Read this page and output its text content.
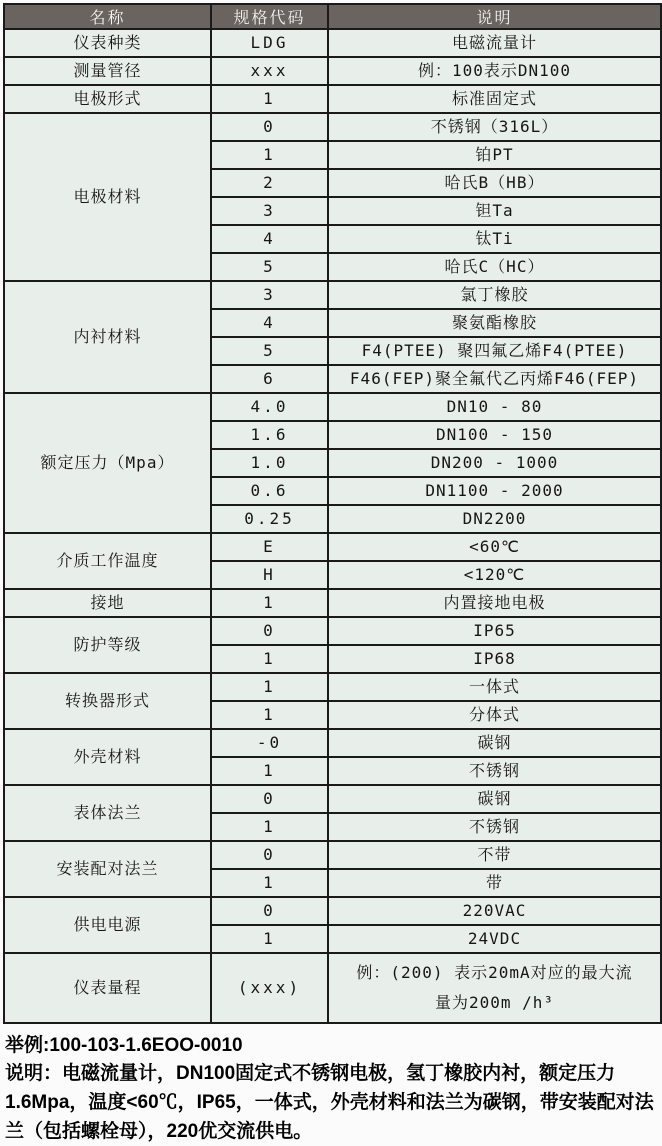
名称	规格代码	说明
仪表种类	LDG	电磁流量计
测量管径	xxx	例：100表示DN100
电极形式	1	标准固定式
电极材料	0	不锈钢（316L）
	1	铂PT
	2	哈氏B（HB）
	3	钽Ta
	4	钛Ti
	5	哈氏C（HC）
内衬材料	3	氯丁橡胶
	4	聚氨酯橡胶
	5	F4(PTEE) 聚四氟乙烯F4(PTEE)
	6	F46(FEP)聚全氟代乙丙烯F46(FEP)
额定压力（Mpa）	4.0	DN10 - 80
	1.6	DN100 - 150
	1.0	DN200 - 1000
	0.6	DN1100 - 2000
	0.25	DN2200
介质工作温度	E	<60℃
	H	<120℃
接地	1	内置接地电极
防护等级	0	IP65
	1	IP68
转换器形式	1	一体式
	1	分体式
外壳材料	-0	碳钢
	1	不锈钢
表体法兰	0	碳钢
	1	不锈钢
安装配对法兰	0	不带
	1	带
供电电源	0	220VAC
	1	24VDC
仪表量程	(xxx)	例：(200) 表示20mA对应的最大流量为200m /h³

举例:100-103-1.6EOO-0010

说明：电磁流量计，DN100固定式不锈钢电极，氢丁橡胶内衬，额定压力1.6Mpa，温度<60℃，IP65，一体式，外壳材料和法兰为碳钢，带安装配对法兰（包括螺栓母），220优交流供电。
